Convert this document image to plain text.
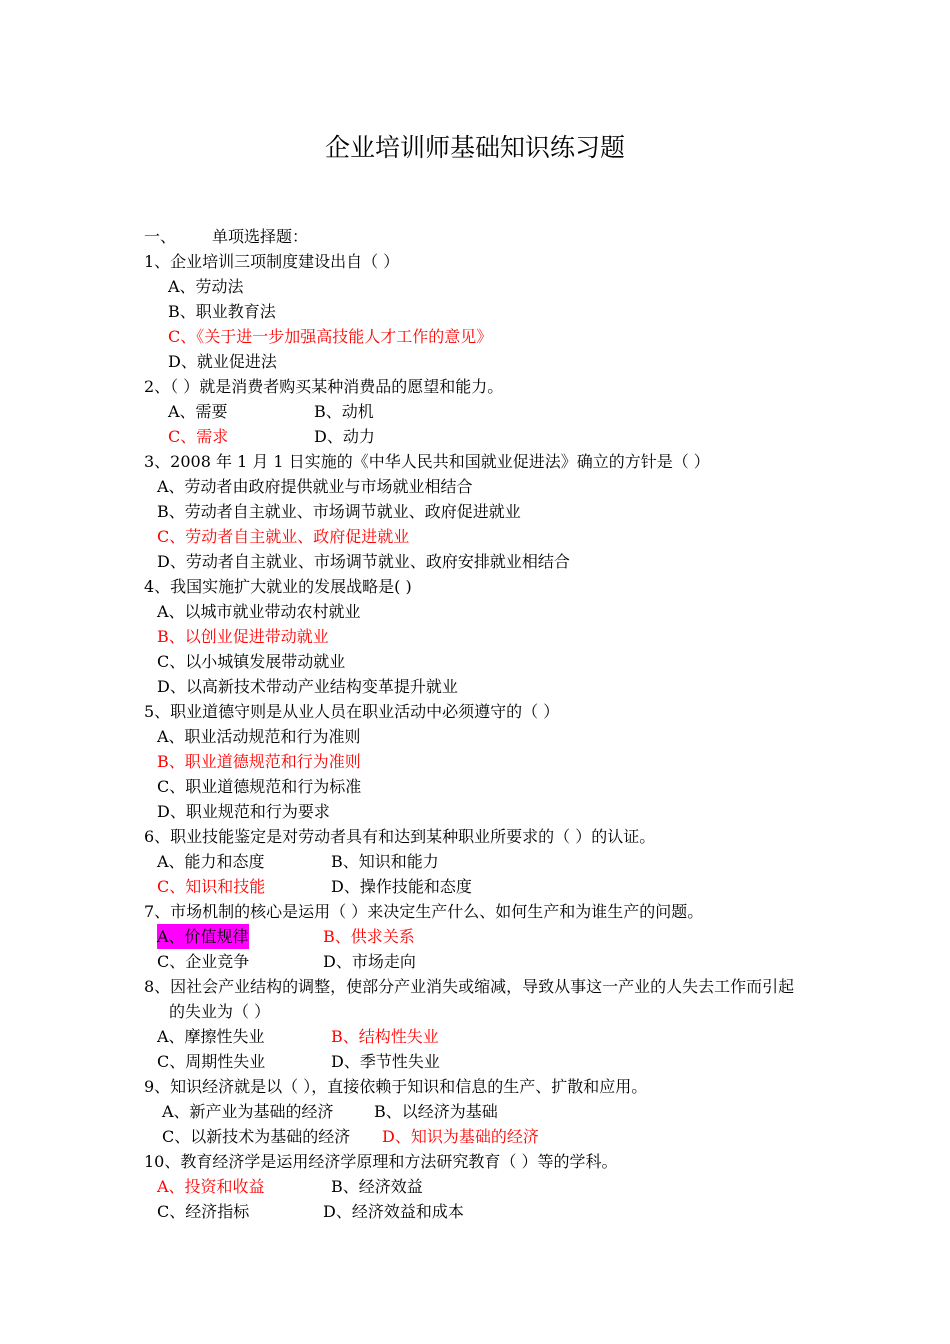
企业培训师基础知识练习题
一、 单项选择题：
1、企业培训三项制度建设出自（ ）
A、劳动法
B、职业教育法
C、《关于进一步加强高技能人才工作的意见》
D、就业促进法
2、（ ）就是消费者购买某种消费品的愿望和能力。
A、需要	B、动机
C、需求	D、动力
3、2008 年 1 月 1 日实施的《中华人民共和国就业促进法》确立的方针是（ ）
A、劳动者由政府提供就业与市场就业相结合
B、劳动者自主就业、市场调节就业、政府促进就业
C、劳动者自主就业、政府促进就业
D、劳动者自主就业、市场调节就业、政府安排就业相结合
4、我国实施扩大就业的发展战略是( )
A、以城市就业带动农村就业
B、以创业促进带动就业
C、以小城镇发展带动就业
D、以高新技术带动产业结构变革提升就业
5、职业道德守则是从业人员在职业活动中必须遵守的（ ）
A、职业活动规范和行为准则
B、职业道德规范和行为准则
C、职业道德规范和行为标准
D、职业规范和行为要求
6、职业技能鉴定是对劳动者具有和达到某种职业所要求的（ ）的认证。
A、能力和态度	B、知识和能力
C、知识和技能	D、操作技能和态度
7、市场机制的核心是运用（ ）来决定生产什么、如何生产和为谁生产的问题。
A、价值规律	B、供求关系
C、企业竞争	D、市场走向
8、因社会产业结构的调整，使部分产业消失或缩减，导致从事这一产业的人失去工作而引起
的失业为（ ）
A、摩擦性失业	B、结构性失业
C、周期性失业	D、季节性失业
9、知识经济就是以（ ），直接依赖于知识和信息的生产、扩散和应用。
A、新产业为基础的经济	B、以经济为基础
C、以新技术为基础的经济 D、知识为基础的经济
10、教育经济学是运用经济学原理和方法研究教育（ ）等的学科。
A、投资和收益	B、经济效益
C、经济指标	D、经济效益和成本
